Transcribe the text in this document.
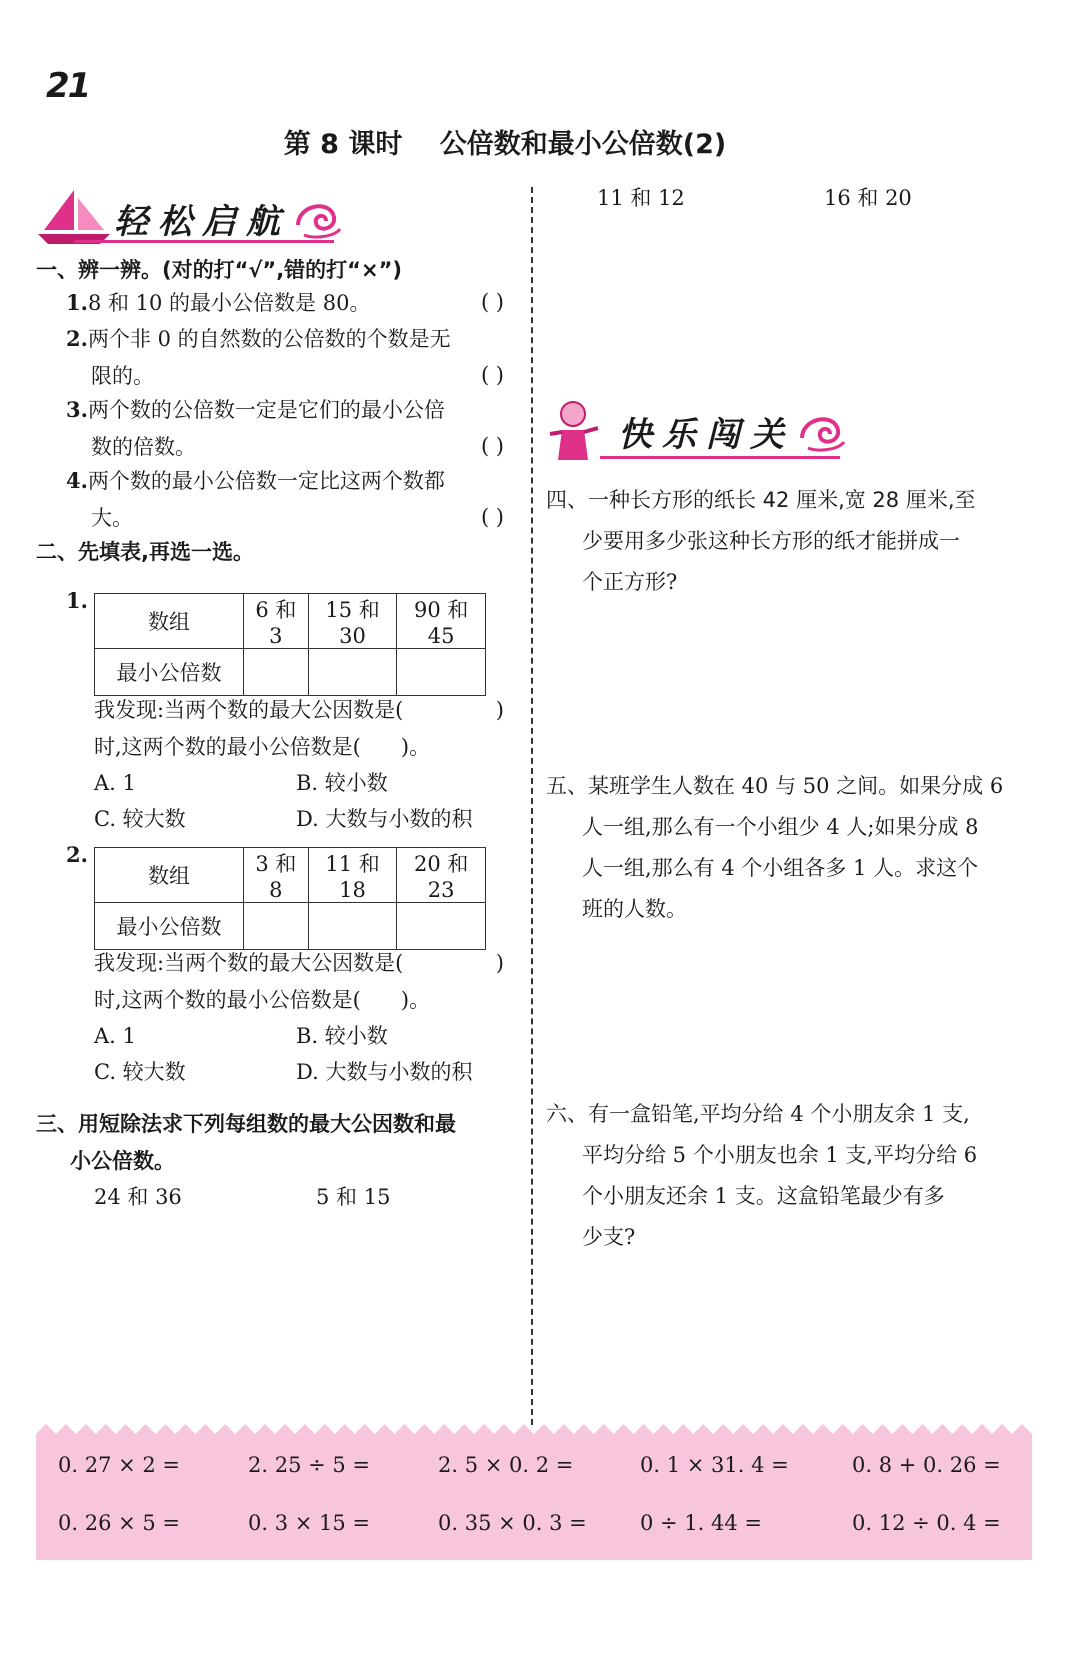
21
第 8 课时 公倍数和最小公倍数(2)
轻松启航
一、辨一辨。(对的打“√”,错的打“×”)
1.8 和 10 的最小公倍数是 80。	( )
2.两个非 0 的自然数的公倍数的个数是无
限的。	( )
3.两个数的公倍数一定是它们的最小公倍
数的倍数。	( )
4.两个数的最小公倍数一定比这两个数都
大。	( )
二、先填表,再选一选。
1.
数组	6 和 3	15 和 30	90 和 45
最小公倍数			
我发现:当两个数的最大公因数是(	)
时,这两个数的最小公倍数是( )。
A. 1	B. 较小数
C. 较大数	D. 大数与小数的积
2.
数组	3 和 8	11 和 18	20 和 23
最小公倍数			
我发现:当两个数的最大公因数是(	)
时,这两个数的最小公倍数是( )。
A. 1	B. 较小数
C. 较大数	D. 大数与小数的积
三、用短除法求下列每组数的最大公因数和最
小公倍数。
24 和 36	5 和 15
11 和 12	16 和 20
快乐闯关
四、一种长方形的纸长 42 厘米,宽 28 厘米,至
少要用多少张这种长方形的纸才能拼成一
个正方形?
五、某班学生人数在 40 与 50 之间。如果分成 6
人一组,那么有一个小组少 4 人;如果分成 8
人一组,那么有 4 个小组各多 1 人。求这个
班的人数。
六、有一盒铅笔,平均分给 4 个小朋友余 1 支,
平均分给 5 个小朋友也余 1 支,平均分给 6
个小朋友还余 1 支。这盒铅笔最少有多
少支?
0. 27 × 2 =	2. 25 ÷ 5 =	2. 5 × 0. 2 =	0. 1 × 31. 4 =	0. 8 + 0. 26 =
0. 26 × 5 =	0. 3 × 15 =	0. 35 × 0. 3 =	0 ÷ 1. 44 =	0. 12 ÷ 0. 4 =
